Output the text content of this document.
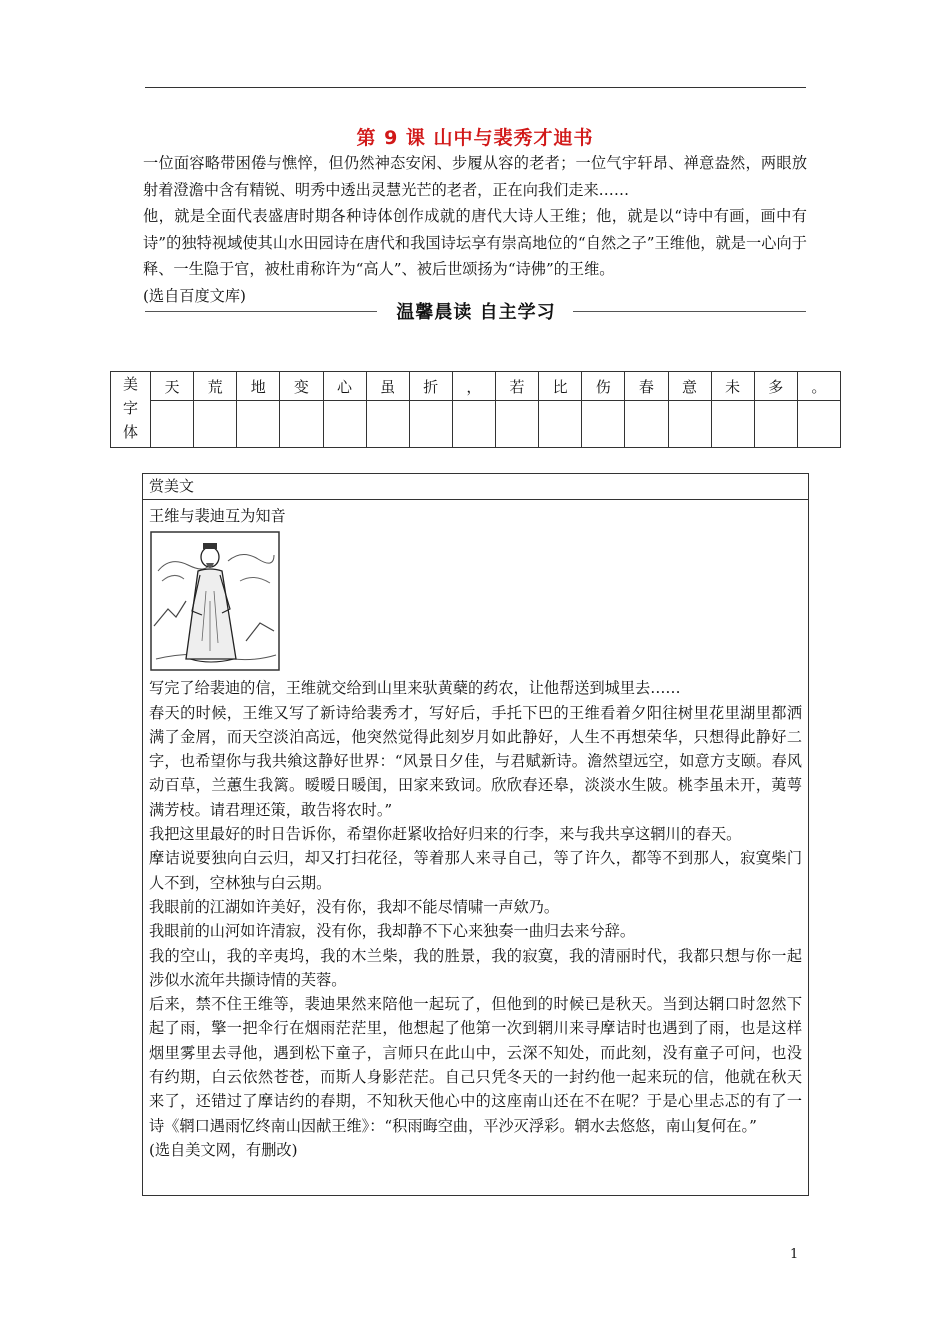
第 9 课 山中与裴秀才迪书

一位面容略带困倦与憔悴，但仍然神态安闲、步履从容的老者；一位气宇轩昂、禅意盎然，两眼放射着澄澹中含有精锐、明秀中透出灵慧光芒的老者，正在向我们走来……

他，就是全面代表盛唐时期各种诗体创作成就的唐代大诗人王维；他，就是以“诗中有画，画中有诗”的独特视域使其山水田园诗在唐代和我国诗坛享有崇高地位的“自然之子”王维他，就是一心向于释、一生隐于官，被杜甫称许为“高人”、被后世颂扬为“诗佛”的王维。

(选自百度文库)

温馨晨读 自主学习
美
字
体	天	荒	地	变	心	虽	折	，	若	比	伤	春	意	未	多	。

赏美文

王维与裴迪互为知音

写完了给裴迪的信，王维就交给到山里来驮黄蘖的药农，让他帮送到城里去……

春天的时候，王维又写了新诗给裴秀才，写好后，手托下巴的王维看着夕阳往树里花里湖里都洒满了金屑，而天空淡泊高远，他突然觉得此刻岁月如此静好，人生不再想荣华，只想得此静好二字，也希望你与我共飨这静好世界：“风景日夕佳，与君赋新诗。澹然望远空，如意方支颐。春风动百草，兰蕙生我篱。暧暧日暖闺，田家来致词。欣欣春还皋，淡淡水生陂。桃李虽未开，荑萼满芳枝。请君理还策，敢告将农时。”

我把这里最好的时日告诉你，希望你赶紧收拾好归来的行李，来与我共享这辋川的春天。

摩诘说要独向白云归，却又打扫花径，等着那人来寻自己，等了许久，都等不到那人，寂寞柴门人不到，空林独与白云期。

我眼前的江湖如许美好，没有你，我却不能尽情啸一声欸乃。

我眼前的山河如许清寂，没有你，我却静不下心来独奏一曲归去来兮辞。

我的空山，我的辛夷坞，我的木兰柴，我的胜景，我的寂寞，我的清丽时代，我都只想与你一起涉似水流年共撷诗情的芙蓉。

后来，禁不住王维等，裴迪果然来陪他一起玩了，但他到的时候已是秋天。当到达辋口时忽然下起了雨，擎一把伞行在烟雨茫茫里，他想起了他第一次到辋川来寻摩诘时也遇到了雨，也是这样烟里雾里去寻他，遇到松下童子，言师只在此山中，云深不知处，而此刻，没有童子可问，也没有约期，白云依然苍苍，而斯人身影茫茫。自己只凭冬天的一封约他一起来玩的信，他就在秋天来了，还错过了摩诘约的春期，不知秋天他心中的这座南山还在不在呢？于是心里忐忑的有了一诗《辋口遇雨忆终南山因献王维》：“积雨晦空曲，平沙灭浮彩。辋水去悠悠，南山复何在。”

(选自美文网，有删改)

1
